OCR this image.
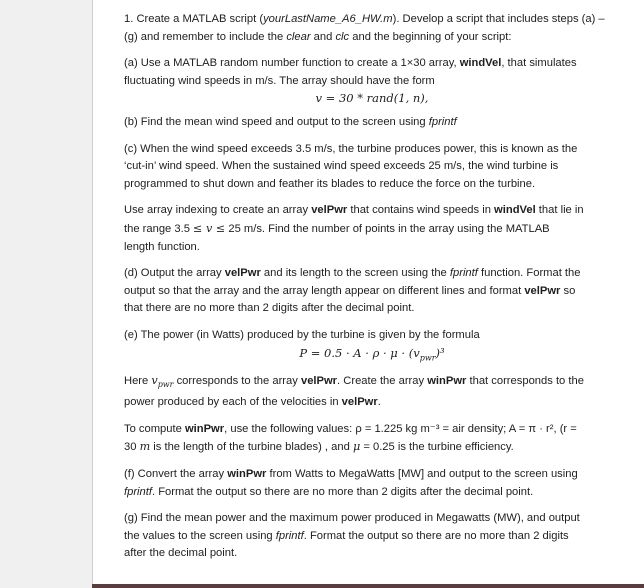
1. Create a MATLAB script (yourLastName_A6_HW.m). Develop a script that includes steps (a) –
(g) and remember to include the clear and clc and the beginning of your script:

(a) Use a MATLAB random number function to create a 1×30 array, windVel, that simulates
fluctuating wind speeds in m/s. The array should have the form

v = 30 * rand(1, n),

(b) Find the mean wind speed and output to the screen using fprintf

(c) When the wind speed exceeds 3.5 m/s, the turbine produces power, this is known as the
‘cut-in’ wind speed. When the sustained wind speed exceeds 25 m/s, the wind turbine is
programmed to shut down and feather its blades to reduce the force on the turbine.

Use array indexing to create an array velPwr that contains wind speeds in windVel that lie in
the range 3.5 ≤ v ≤ 25 m/s. Find the number of points in the array using the MATLAB
length function.

(d) Output the array velPwr and its length to the screen using the fprintf function. Format the
output so that the array and the array length appear on different lines and format velPwr so
that there are no more than 2 digits after the decimal point.

(e) The power (in Watts) produced by the turbine is given by the formula

$P = 0.5 \cdot A \cdot \rho \cdot \mu \cdot (v_{pwr})^3$

Here $v_{pwr}$ corresponds to the array velPwr. Create the array winPwr that corresponds to the
power produced by each of the velocities in velPwr.

To compute winPwr, use the following values: ρ = 1.225 kg m⁻³ = air density; A = π · r², (r =
30 m is the length of the turbine blades) , and μ = 0.25 is the turbine efficiency.

(f) Convert the array winPwr from Watts to MegaWatts [MW] and output to the screen using
fprintf. Format the output so there are no more than 2 digits after the decimal point.

(g) Find the mean power and the maximum power produced in Megawatts (MW), and output
the values to the screen using fprintf. Format the output so there are no more than 2 digits
after the decimal point.
